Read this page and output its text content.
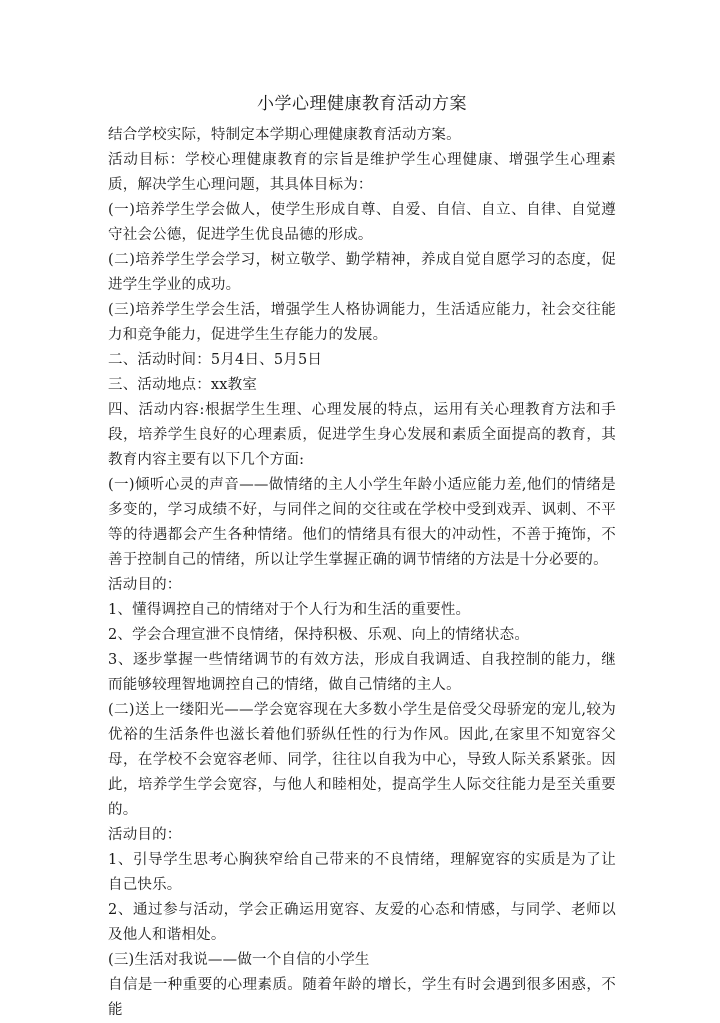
小学心理健康教育活动方案

结合学校实际，特制定本学期心理健康教育活动方案。

活动目标：学校心理健康教育的宗旨是维护学生心理健康、增强学生心理素质，解决学生心理问题，其具体目标为：

(一)培养学生学会做人，使学生形成自尊、自爱、自信、自立、自律、自觉遵守社会公德，促进学生优良品德的形成。

(二)培养学生学会学习，树立敬学、勤学精神，养成自觉自愿学习的态度，促进学生学业的成功。

(三)培养学生学会生活，增强学生人格协调能力，生活适应能力，社会交往能力和竞争能力，促进学生生存能力的发展。

二、活动时间：5月4日、5月5日

三、活动地点：xx教室

四、活动内容:根据学生生理、心理发展的特点，运用有关心理教育方法和手段，培养学生良好的心理素质，促进学生身心发展和素质全面提高的教育，其教育内容主要有以下几个方面:

(一)倾听心灵的声音——做情绪的主人小学生年龄小适应能力差,他们的情绪是多变的，学习成绩不好，与同伴之间的交往或在学校中受到戏弄、讽刺、不平等的待遇都会产生各种情绪。他们的情绪具有很大的冲动性，不善于掩饰，不善于控制自己的情绪，所以让学生掌握正确的调节情绪的方法是十分必要的。

活动目的：

1、懂得调控自己的情绪对于个人行为和生活的重要性。

2、学会合理宣泄不良情绪，保持积极、乐观、向上的情绪状态。

3、逐步掌握一些情绪调节的有效方法，形成自我调适、自我控制的能力，继而能够较理智地调控自己的情绪，做自己情绪的主人。

(二)送上一缕阳光——学会宽容现在大多数小学生是倍受父母骄宠的宠儿,较为优裕的生活条件也滋长着他们骄纵任性的行为作风。因此,在家里不知宽容父母，在学校不会宽容老师、同学，往往以自我为中心，导致人际关系紧张。因此，培养学生学会宽容，与他人和睦相处，提高学生人际交往能力是至关重要的。

活动目的：

1、引导学生思考心胸狭窄给自己带来的不良情绪，理解宽容的实质是为了让自己快乐。

2、通过参与活动，学会正确运用宽容、友爱的心态和情感，与同学、老师以及他人和谐相处。

(三)生活对我说——做一个自信的小学生

自信是一种重要的心理素质。随着年龄的增长，学生有时会遇到很多困惑，不能
